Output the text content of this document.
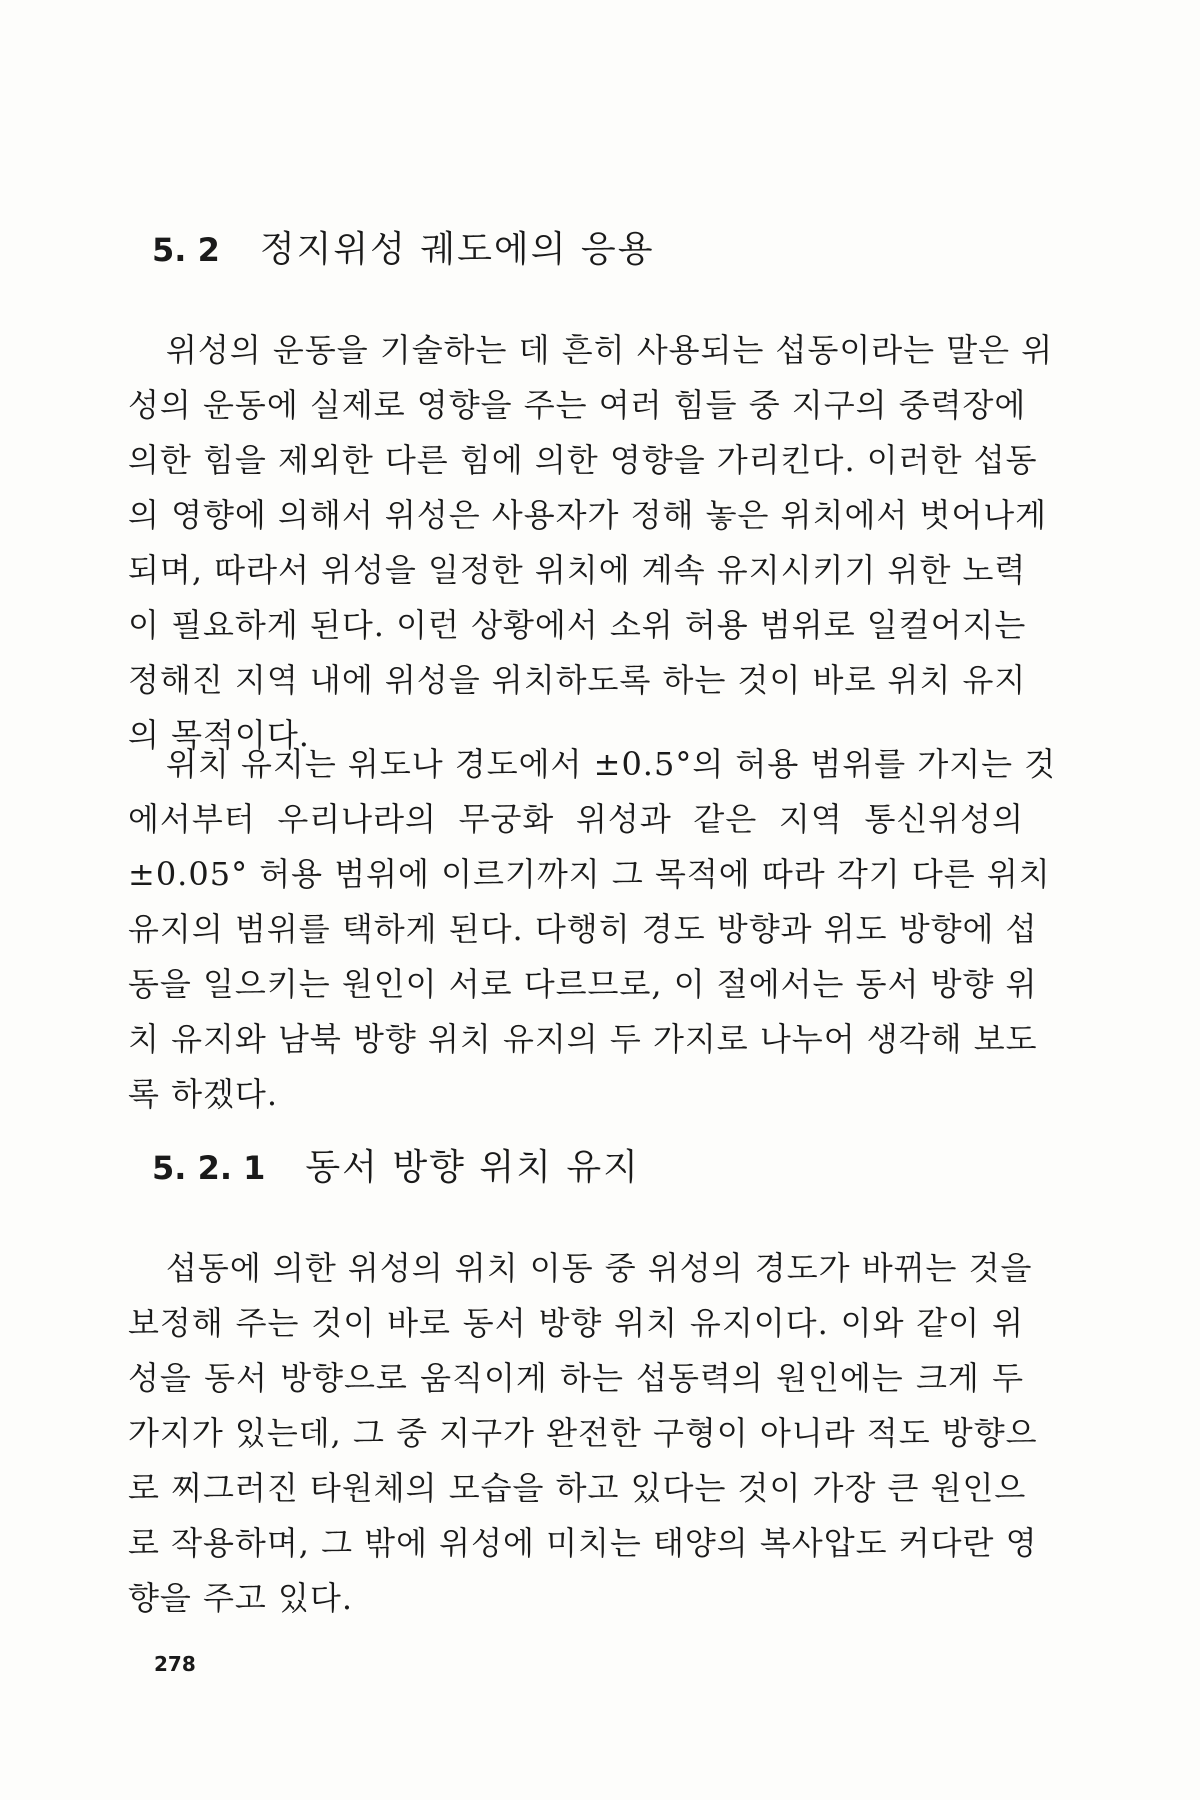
5. 2 정지위성 궤도에의 응용
위성의 운동을 기술하는 데 흔히 사용되는 섭동이라는 말은 위
성의 운동에 실제로 영향을 주는 여러 힘들 중 지구의 중력장에
의한 힘을 제외한 다른 힘에 의한 영향을 가리킨다. 이러한 섭동
의 영향에 의해서 위성은 사용자가 정해 놓은 위치에서 벗어나게
되며, 따라서 위성을 일정한 위치에 계속 유지시키기 위한 노력
이 필요하게 된다. 이런 상황에서 소위 허용 범위로 일컬어지는
정해진 지역 내에 위성을 위치하도록 하는 것이 바로 위치 유지
의 목적이다.
위치 유지는 위도나 경도에서 ±0.5°의 허용 범위를 가지는 것
에서부터 우리나라의 무궁화 위성과 같은 지역 통신위성의
±0.05° 허용 범위에 이르기까지 그 목적에 따라 각기 다른 위치
유지의 범위를 택하게 된다. 다행히 경도 방향과 위도 방향에 섭
동을 일으키는 원인이 서로 다르므로, 이 절에서는 동서 방향 위
치 유지와 남북 방향 위치 유지의 두 가지로 나누어 생각해 보도
록 하겠다.
5. 2. 1 동서 방향 위치 유지
섭동에 의한 위성의 위치 이동 중 위성의 경도가 바뀌는 것을
보정해 주는 것이 바로 동서 방향 위치 유지이다. 이와 같이 위
성을 동서 방향으로 움직이게 하는 섭동력의 원인에는 크게 두
가지가 있는데, 그 중 지구가 완전한 구형이 아니라 적도 방향으
로 찌그러진 타원체의 모습을 하고 있다는 것이 가장 큰 원인으
로 작용하며, 그 밖에 위성에 미치는 태양의 복사압도 커다란 영
향을 주고 있다.
278
